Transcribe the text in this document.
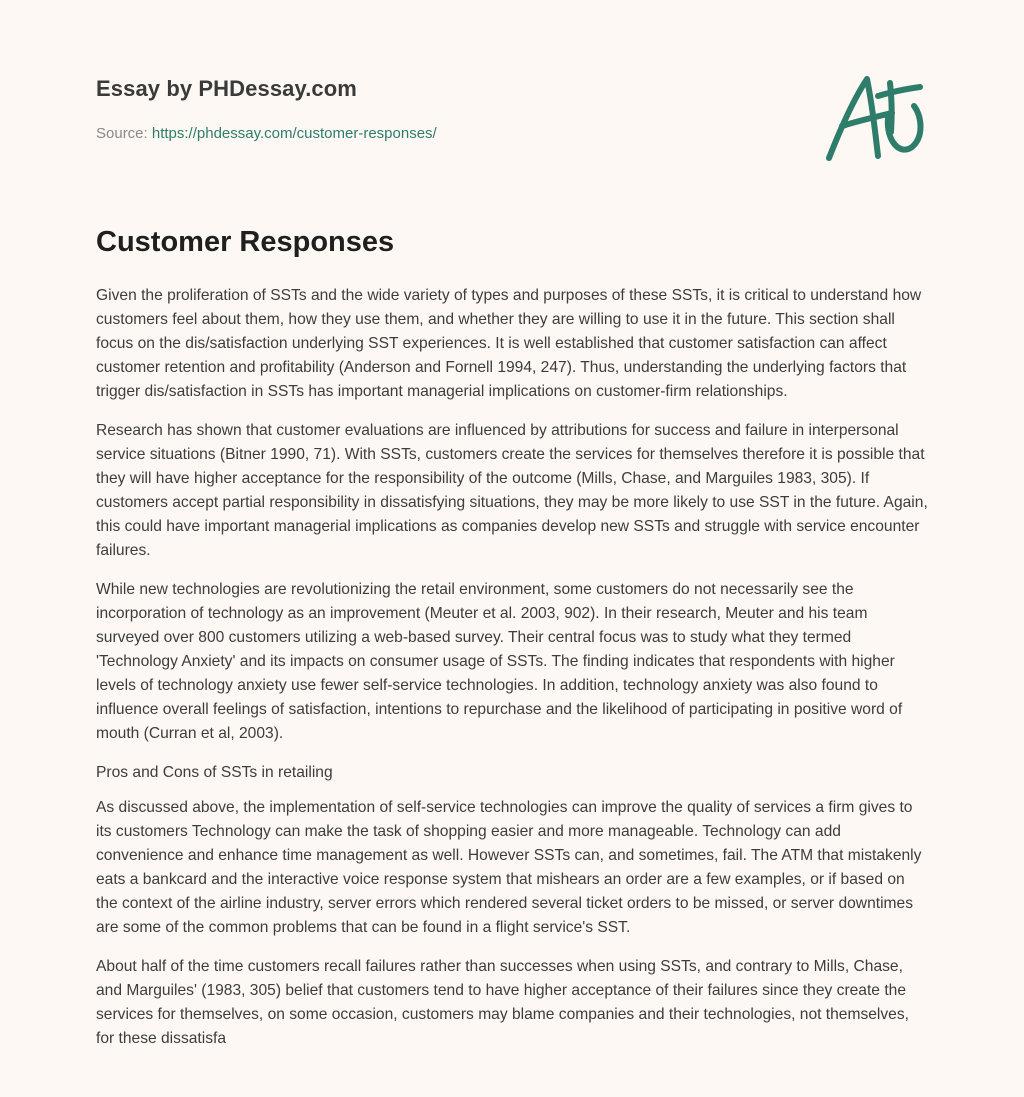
Essay by PHDessay.com
Source: https://phdessay.com/customer-responses/
Customer Responses

Given the proliferation of SSTs and the wide variety of types and purposes of these SSTs, it is critical to understand how customers feel about them, how they use them, and whether they are willing to use it in the future. This section shall focus on the dis/satisfaction underlying SST experiences. It is well established that customer satisfaction can affect customer retention and profitability (Anderson and Fornell 1994, 247). Thus, understanding the underlying factors that trigger dis/satisfaction in SSTs has important managerial implications on customer-firm relationships.

Research has shown that customer evaluations are influenced by attributions for success and failure in interpersonal service situations (Bitner 1990, 71). With SSTs, customers create the services for themselves therefore it is possible that they will have higher acceptance for the responsibility of the outcome (Mills, Chase, and Marguiles 1983, 305). If customers accept partial responsibility in dissatisfying situations, they may be more likely to use SST in the future. Again, this could have important managerial implications as companies develop new SSTs and struggle with service encounter failures.

While new technologies are revolutionizing the retail environment, some customers do not necessarily see the incorporation of technology as an improvement (Meuter et al. 2003, 902). In their research, Meuter and his team surveyed over 800 customers utilizing a web-based survey. Their central focus was to study what they termed 'Technology Anxiety' and its impacts on consumer usage of SSTs. The finding indicates that respondents with higher levels of technology anxiety use fewer self-service technologies. In addition, technology anxiety was also found to influence overall feelings of satisfaction, intentions to repurchase and the likelihood of participating in positive word of mouth (Curran et al, 2003).

Pros and Cons of SSTs in retailing

As discussed above, the implementation of self-service technologies can improve the quality of services a firm gives to its customers Technology can make the task of shopping easier and more manageable. Technology can add convenience and enhance time management as well. However SSTs can, and sometimes, fail. The ATM that mistakenly eats a bankcard and the interactive voice response system that mishears an order are a few examples, or if based on the context of the airline industry, server errors which rendered several ticket orders to be missed, or server downtimes are some of the common problems that can be found in a flight service's SST.

About half of the time customers recall failures rather than successes when using SSTs, and contrary to Mills, Chase, and Marguiles' (1983, 305) belief that customers tend to have higher acceptance of their failures since they create the services for themselves, on some occasion, customers may blame companies and their technologies, not themselves, for these dissatisfa
